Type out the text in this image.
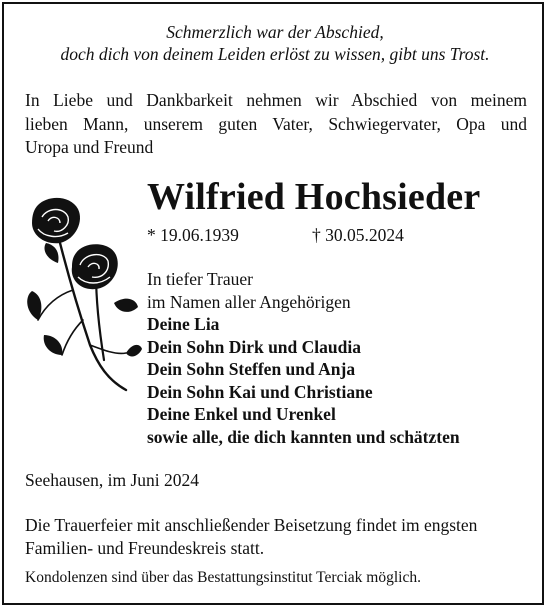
Schmerzlich war der Abschied,
doch dich von deinem Leiden erlöst zu wissen, gibt uns Trost.
In Liebe und Dankbarkeit nehmen wir Abschied von meinem
lieben Mann, unserem guten Vater, Schwiegervater, Opa und
Uropa und Freund
Wilfried Hochsieder
* 19.06.1939	† 30.05.2024
In tiefer Trauer
im Namen aller Angehörigen
Deine Lia
Dein Sohn Dirk und Claudia
Dein Sohn Steffen und Anja
Dein Sohn Kai und Christiane
Deine Enkel und Urenkel
sowie alle, die dich kannten und schätzten
Seehausen, im Juni 2024
Die Trauerfeier mit anschließender Beisetzung findet im engsten
Familien- und Freundeskreis statt.
Kondolenzen sind über das Bestattungsinstitut Terciak möglich.
